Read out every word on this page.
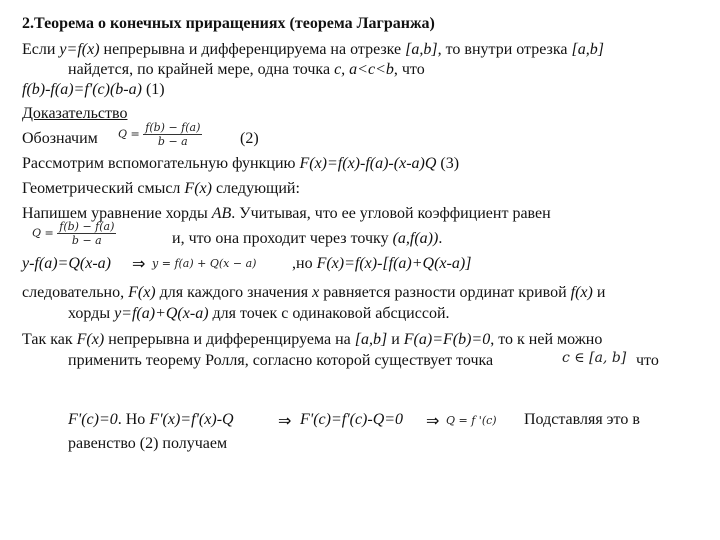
2.Теорема о конечных приращениях (теорема Лагранжа)
Если y=f(x) непрерывна и дифференцируема на отрезке [a,b], то внутри отрезка [a,b]
найдется, по крайней мере, одна точка c, a<c<b, что
f(b)-f(a)=f'(c)(b-a) (1)
Доказательство
Обозначим $Q = \frac{f(b) - f(a)}{b - a} (2)$
Рассмотрим вспомогательную функцию F(x)=f(x)-f(a)-(x-a)Q (3)
Геометрический смысл F(x) следующий:
Напишем уравнение хорды AB. Учитывая, что ее угловой коэффициент равен
$Q = \frac{f(b) - f(a)}{b - a}$	и, что она проходит через точку (a,f(a)).
y-f(a)=Q(x-a) ⇒ y = f(a) + Q(x − a) ,но F(x)=f(x)-[f(a)+Q(x-a)]
следовательно, F(x) для каждого значения x равняется разности ординат кривой f(x) и
хорды y=f(a)+Q(x-a) для точек с одинаковой абсциссой.
Так как F(x) непрерывна и дифференцируема на [a,b] и F(a)=F(b)=0, то к ней можно
применить теорему Ролля, согласно которой существует точка	c ∈ [a, b] что
F'(c)=0. Но F'(x)=f'(x)-Q	⇒ F'(c)=f'(c)-Q=0 ⇒ Q = f '(c) Подставляя это в
равенство (2) получаем
